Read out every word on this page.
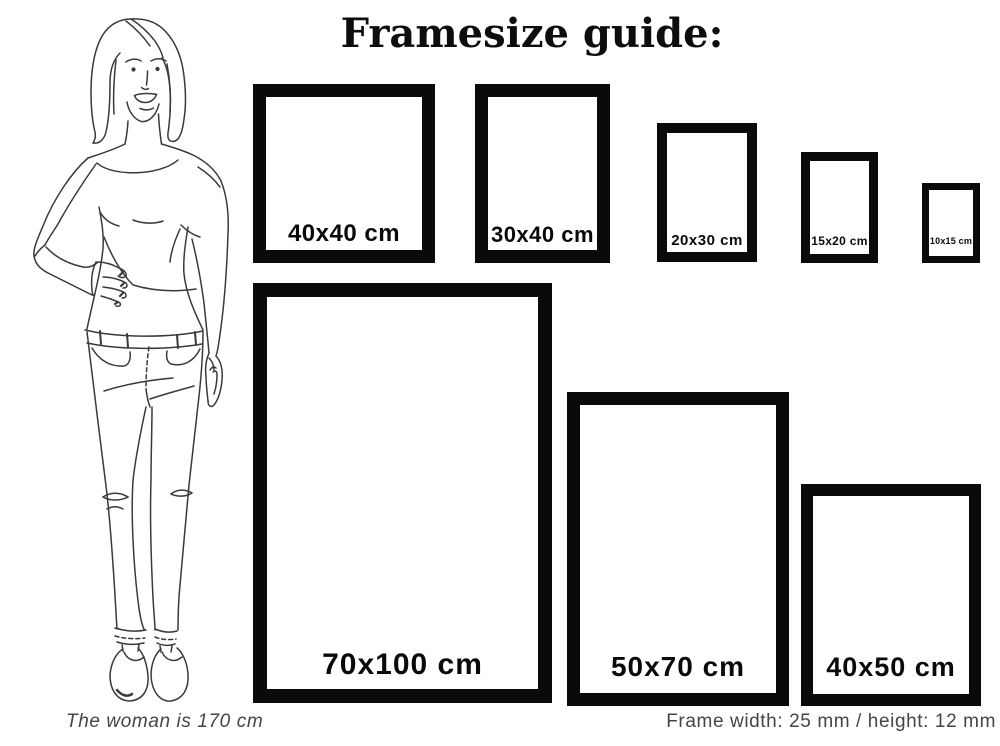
Framesize guide:
40x40 cm	30x40 cm	20x30 cm	15x20 cm	10x15 cm
70x100 cm	50x70 cm	40x50 cm
The woman is 170 cm	Frame width: 25 mm / height: 12 mm
